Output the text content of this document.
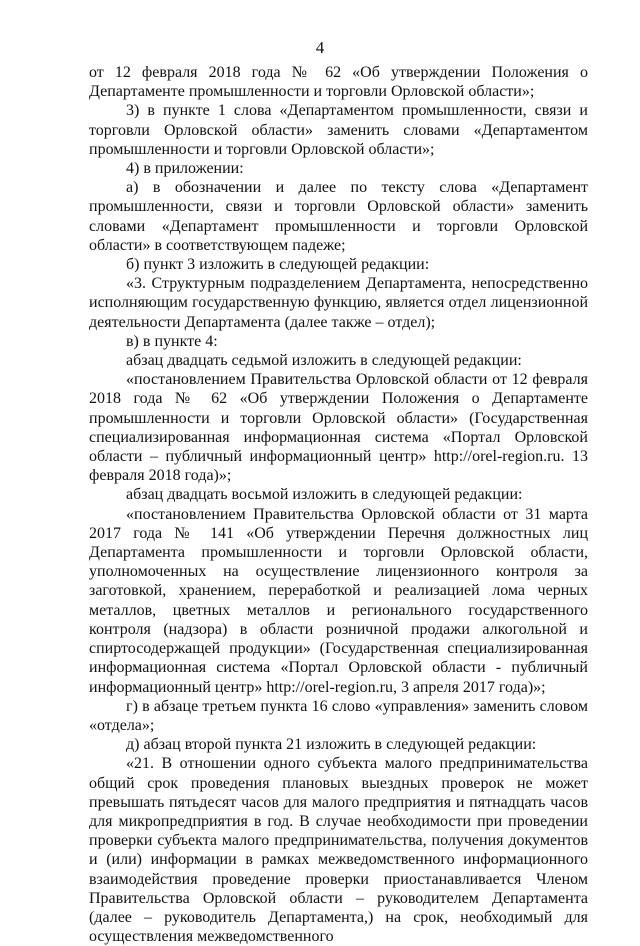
4

от 12 февраля 2018 года № 62 «Об утверждении Положения о Департаменте промышленности и торговли Орловской области»;

3) в пункте 1 слова «Департаментом промышленности, связи и торговли Орловской области» заменить словами «Департаментом промышленности и торговли Орловской области»;

4) в приложении:

а) в обозначении и далее по тексту слова «Департамент промышленности, связи и торговли Орловской области» заменить словами «Департамент промышленности и торговли Орловской области» в соответствующем падеже;

б) пункт 3 изложить в следующей редакции:

«3. Структурным подразделением Департамента, непосредственно исполняющим государственную функцию, является отдел лицензионной деятельности Департамента (далее также – отдел);

в) в пункте 4:

абзац двадцать седьмой изложить в следующей редакции:

«постановлением Правительства Орловской области от 12 февраля 2018 года № 62 «Об утверждении Положения о Департаменте промышленности и торговли Орловской области» (Государственная специализированная информационная система «Портал Орловской области – публичный информационный центр» http://orel-region.ru. 13 февраля 2018 года)»;

абзац двадцать восьмой изложить в следующей редакции:

«постановлением Правительства Орловской области от 31 марта 2017 года № 141 «Об утверждении Перечня должностных лиц Департамента промышленности и торговли Орловской области, уполномоченных на осуществление лицензионного контроля за заготовкой, хранением, переработкой и реализацией лома черных металлов, цветных металлов и регионального государственного контроля (надзора) в области розничной продажи алкогольной и спиртосодержащей продукции» (Государственная специализированная информационная система «Портал Орловской области - публичный информационный центр» http://orel-region.ru, 3 апреля 2017 года)»;

г) в абзаце третьем пункта 16 слово «управления» заменить словом «отдела»;

д) абзац второй пункта 21 изложить в следующей редакции:

«21. В отношении одного субъекта малого предпринимательства общий срок проведения плановых выездных проверок не может превышать пятьдесят часов для малого предприятия и пятнадцать часов для микропредприятия в год. В случае необходимости при проведении проверки субъекта малого предпринимательства, получения документов и (или) информации в рамках межведомственного информационного взаимодействия проведение проверки приостанавливается Членом Правительства Орловской области – руководителем Департамента (далее – руководитель Департамента,) на срок, необходимый для осуществления межведомственного
